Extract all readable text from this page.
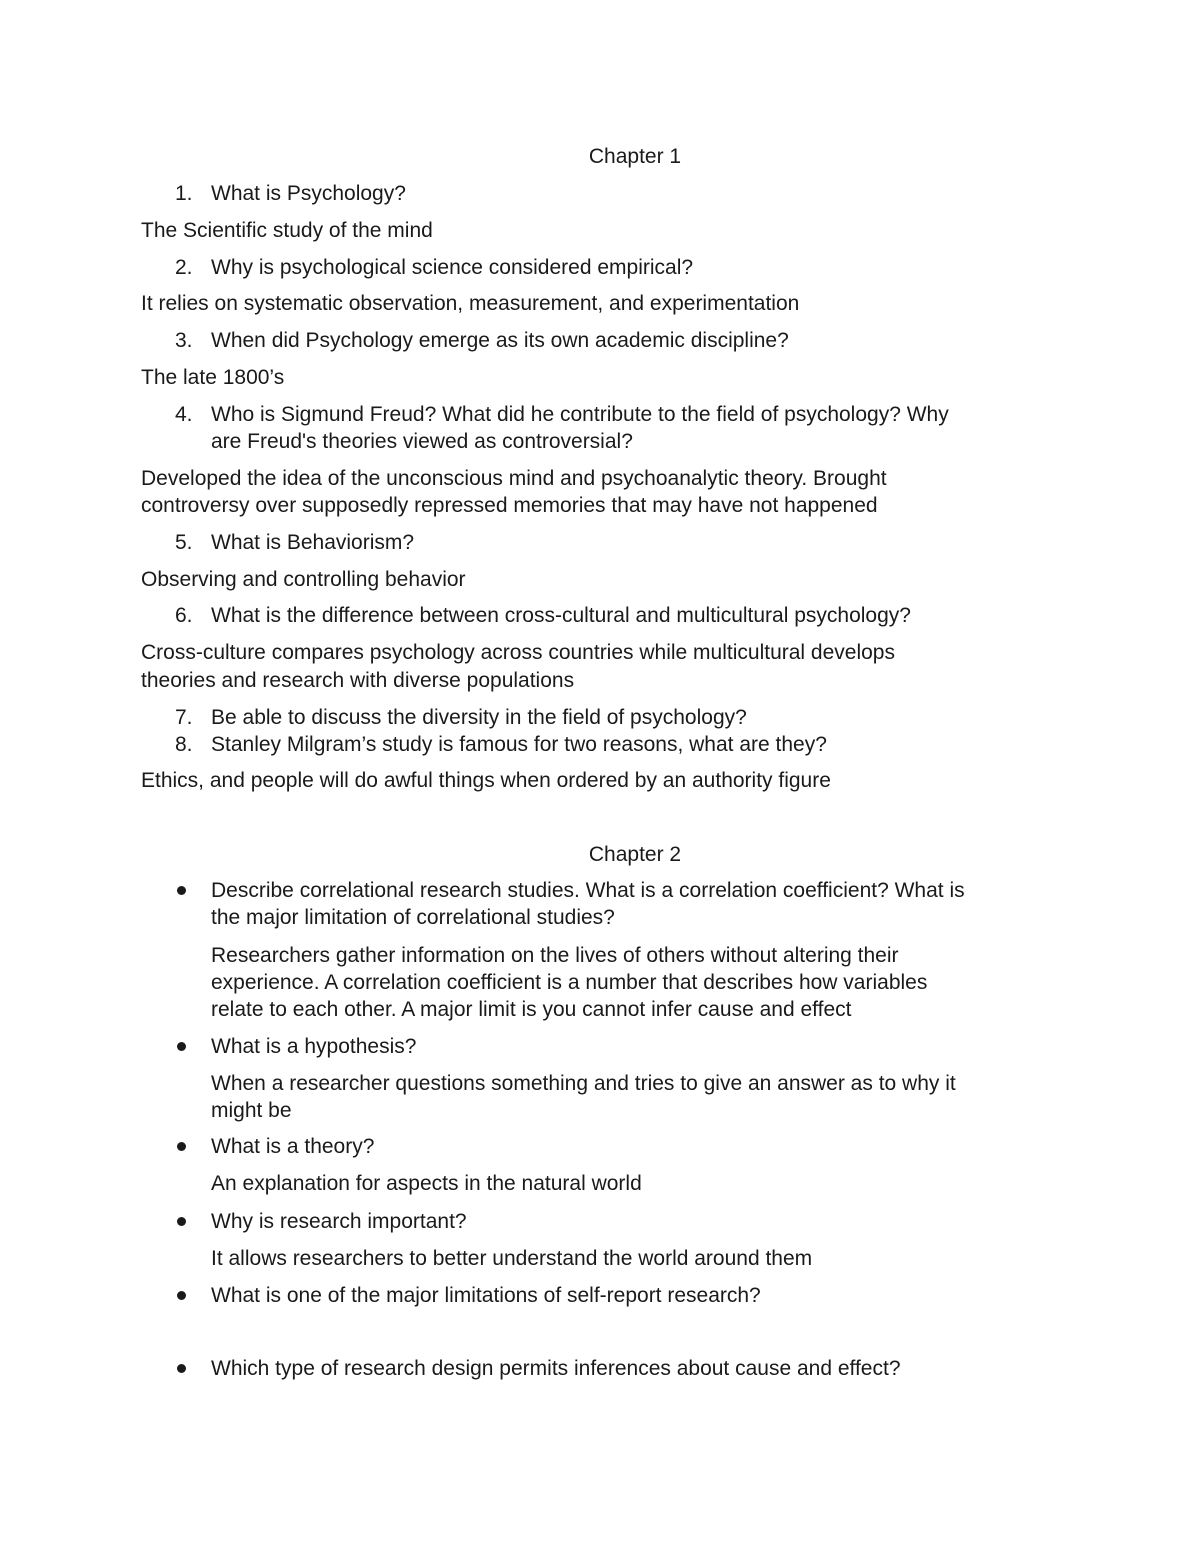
Chapter 1
1. What is Psychology?
The Scientific study of the mind
2. Why is psychological science considered empirical?
It relies on systematic observation, measurement, and experimentation
3. When did Psychology emerge as its own academic discipline?
The late 1800’s
4. Who is Sigmund Freud? What did he contribute to the field of psychology? Why
are Freud's theories viewed as controversial?
Developed the idea of the unconscious mind and psychoanalytic theory. Brought
controversy over supposedly repressed memories that may have not happened
5. What is Behaviorism?
Observing and controlling behavior
6. What is the difference between cross-cultural and multicultural psychology?
Cross-culture compares psychology across countries while multicultural develops
theories and research with diverse populations
7. Be able to discuss the diversity in the field of psychology?
8. Stanley Milgram’s study is famous for two reasons, what are they?
Ethics, and people will do awful things when ordered by an authority figure
Chapter 2
Describe correlational research studies. What is a correlation coefficient? What is
the major limitation of correlational studies?
Researchers gather information on the lives of others without altering their
experience. A correlation coefficient is a number that describes how variables
relate to each other. A major limit is you cannot infer cause and effect
What is a hypothesis?
When a researcher questions something and tries to give an answer as to why it
might be
What is a theory?
An explanation for aspects in the natural world
Why is research important?
It allows researchers to better understand the world around them
What is one of the major limitations of self-report research?
Which type of research design permits inferences about cause and effect?
